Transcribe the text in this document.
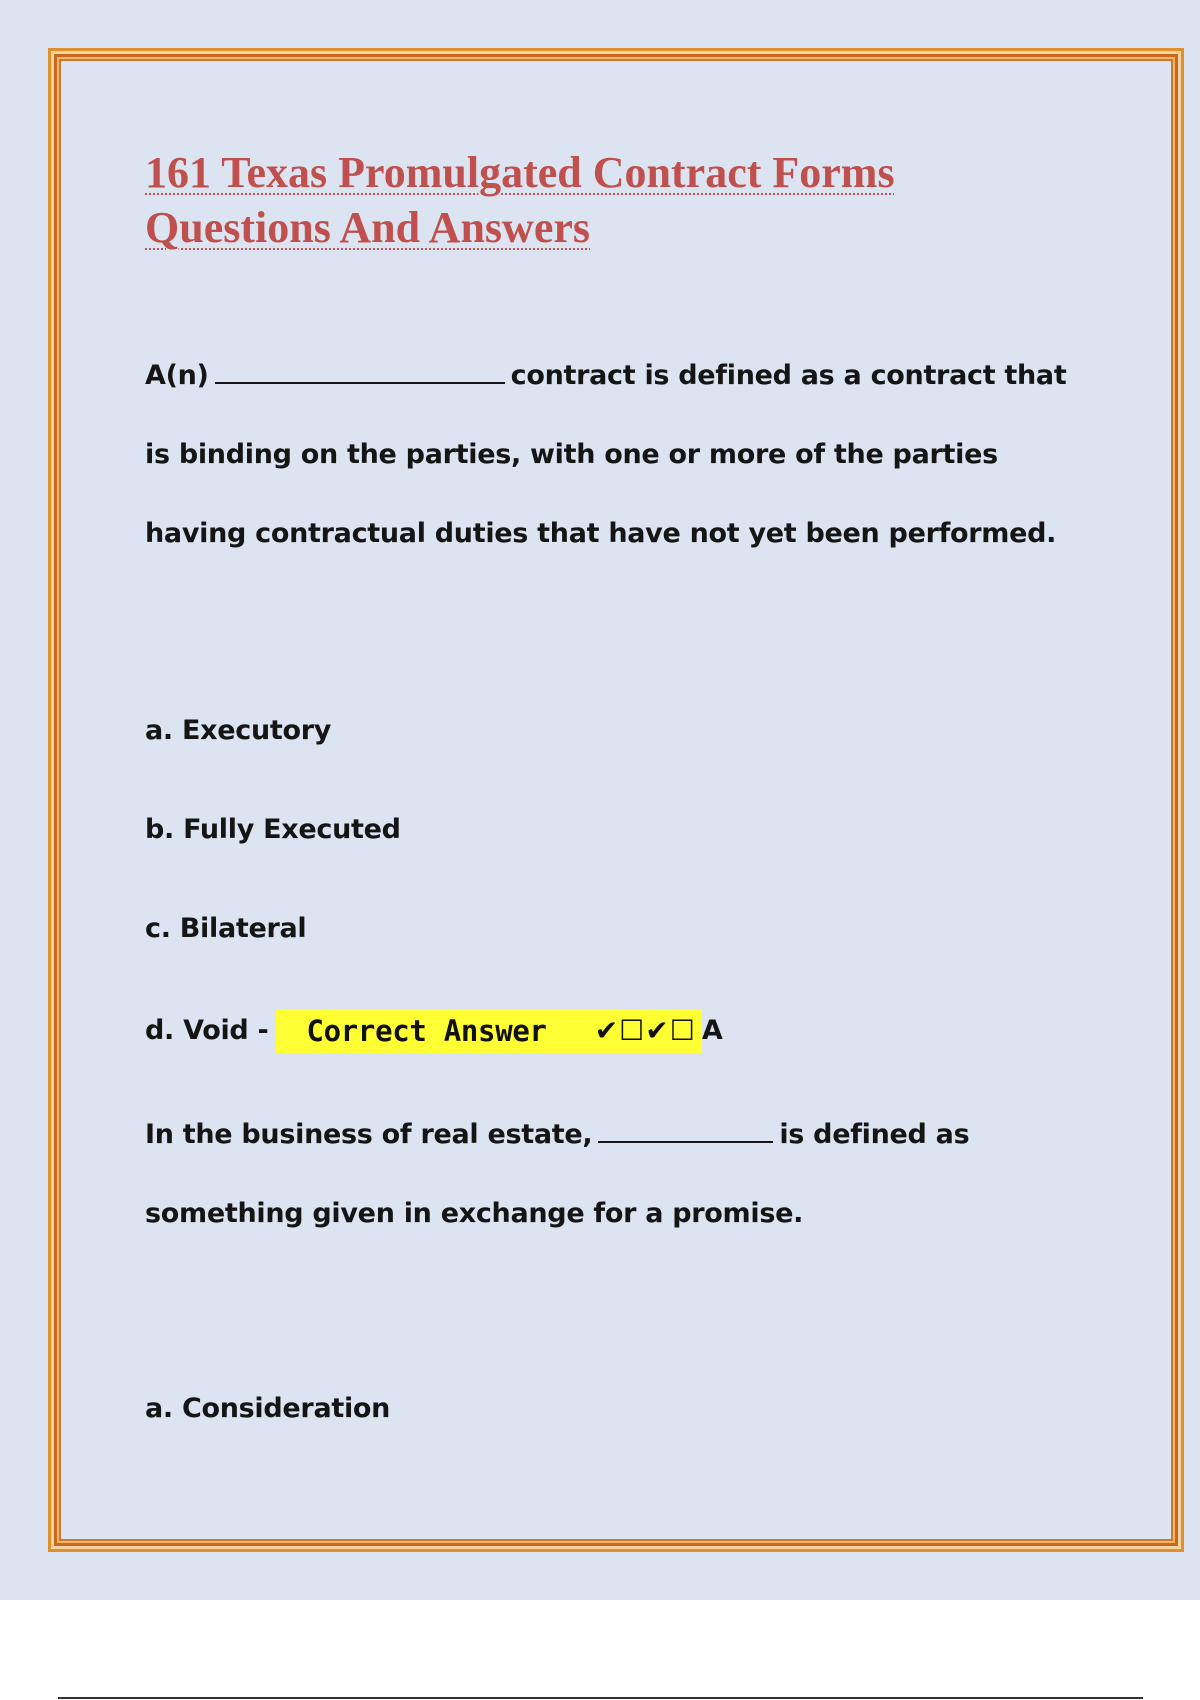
161 Texas Promulgated Contract Forms
Questions And Answers

A(n)	contract is defined as a contract that is binding on the parties, with one or more of the parties having contractual duties that have not yet been performed.

a. Executory

b. Fully Executed

c. Bilateral

d. Void - Correct Answer ✔☐✔☐ A

In the business of real estate,	is defined as something given in exchange for a promise.

a. Consideration
